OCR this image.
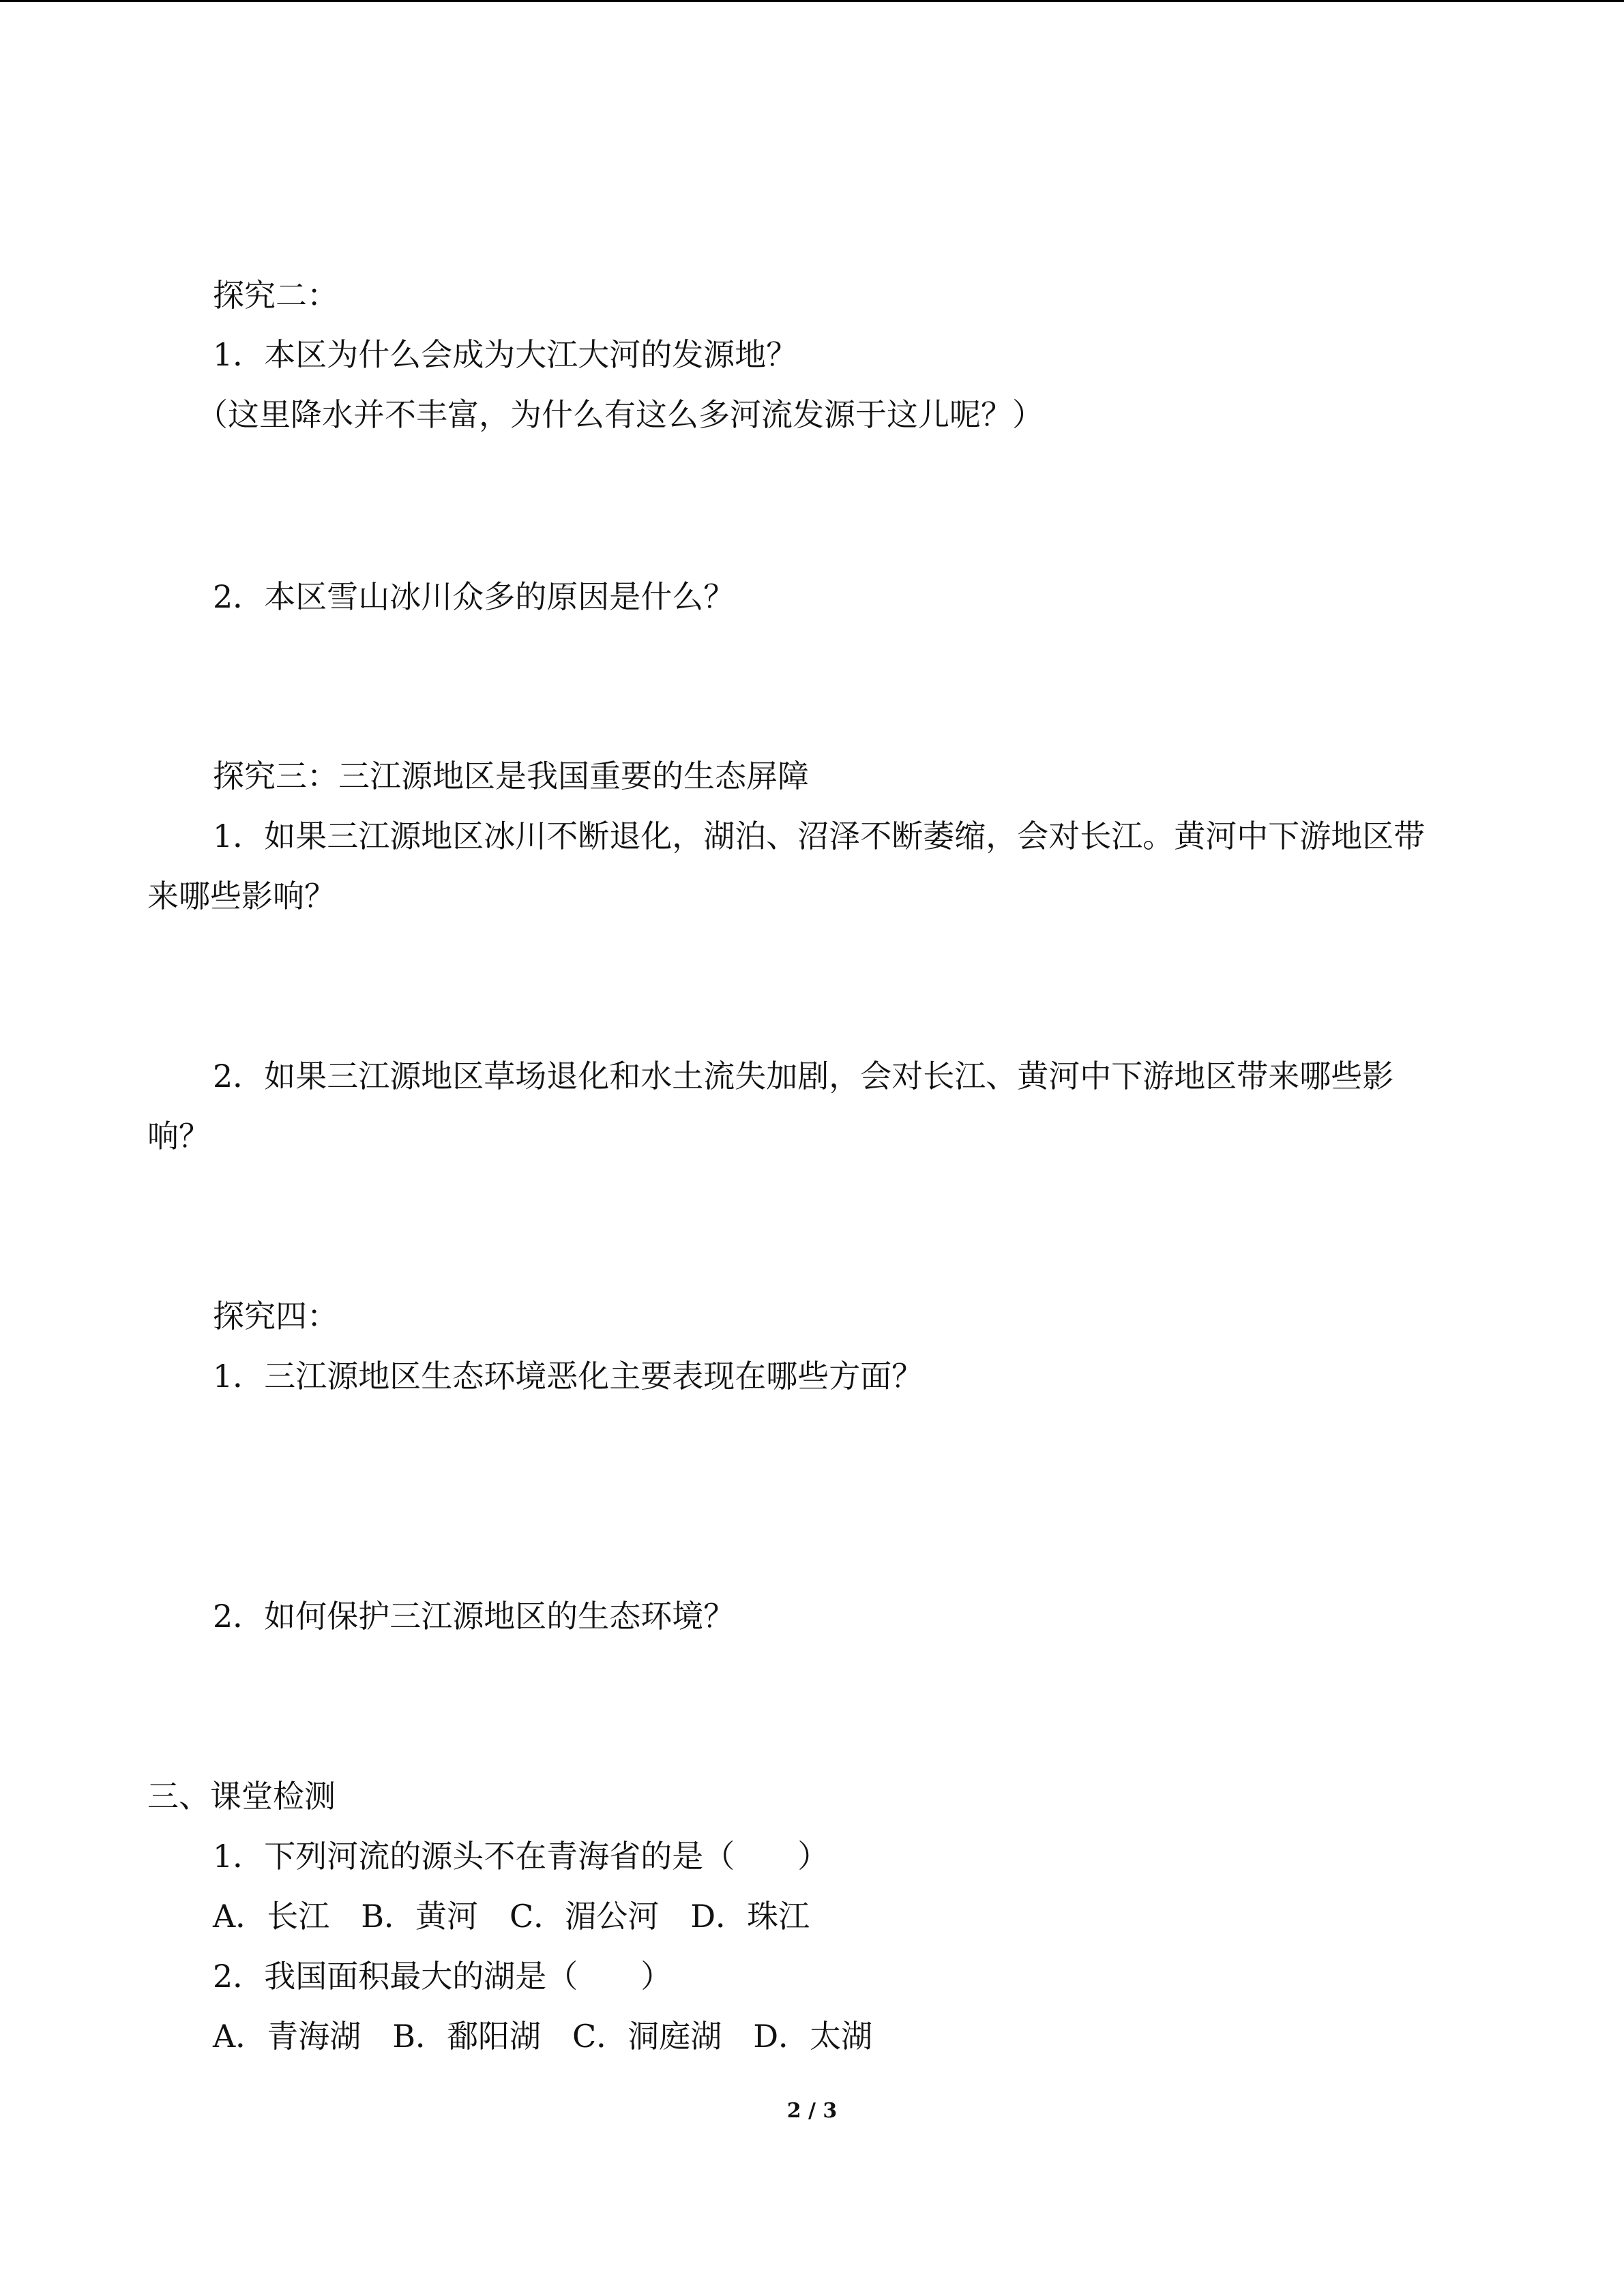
探究二：
1．本区为什么会成为大江大河的发源地？
（这里降水并不丰富，为什么有这么多河流发源于这儿呢？）
2．本区雪山冰川众多的原因是什么？
探究三：三江源地区是我国重要的生态屏障
1．如果三江源地区冰川不断退化，湖泊、沼泽不断萎缩，会对长江。黄河中下游地区带
来哪些影响？
2．如果三江源地区草场退化和水土流失加剧，会对长江、黄河中下游地区带来哪些影
响？
探究四：
1．三江源地区生态环境恶化主要表现在哪些方面？
2．如何保护三江源地区的生态环境？
三、课堂检测
1．下列河流的源头不在青海省的是（　　）
A．长江　B．黄河　C．湄公河　D．珠江
2．我国面积最大的湖是（　　）
A．青海湖　B．鄱阳湖　C．洞庭湖　D．太湖
2 / 3
